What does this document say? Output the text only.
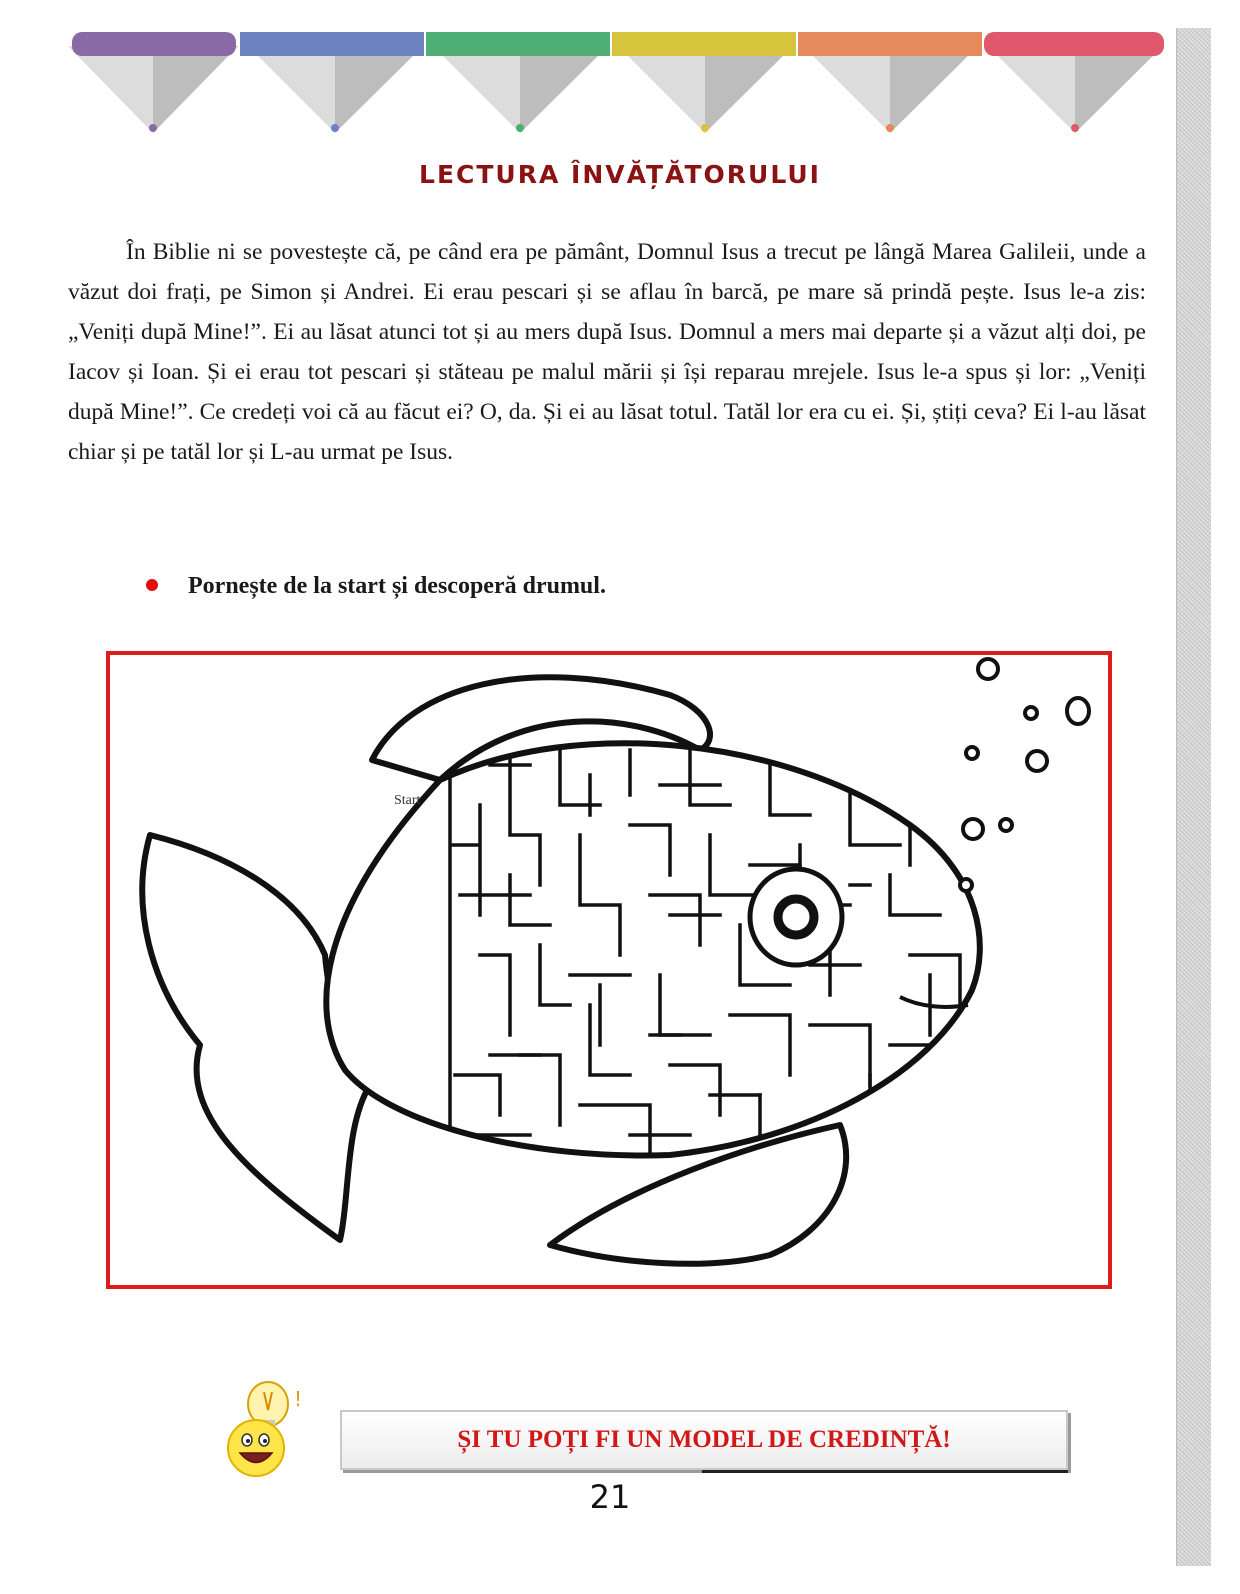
LECTURA ÎNVĂȚĂTORULUI

În Biblie ni se povestește că, pe când era pe pământ, Domnul Isus a trecut pe lângă Marea Galileii, unde a văzut doi frați, pe Simon și Andrei. Ei erau pescari și se aflau în barcă, pe mare să prindă pește. Isus le-a zis: „Veniți după Mine!”. Ei au lăsat atunci tot și au mers după Isus. Domnul a mers mai departe și a văzut alți doi, pe Iacov și Ioan. Și ei erau tot pescari și stăteau pe malul mării și își reparau mrejele. Isus le-a spus și lor: „Veniți după Mine!”. Ce credeți voi că au făcut ei? O, da. Și ei au lăsat totul. Tatăl lor era cu ei. Și, știți ceva? Ei l-au lăsat chiar și pe tatăl lor și L-au urmat pe Isus.

Pornește de la start și descoperă drumul.
Start
!
ȘI TU POȚI FI UN MODEL DE CREDINȚĂ!
21
